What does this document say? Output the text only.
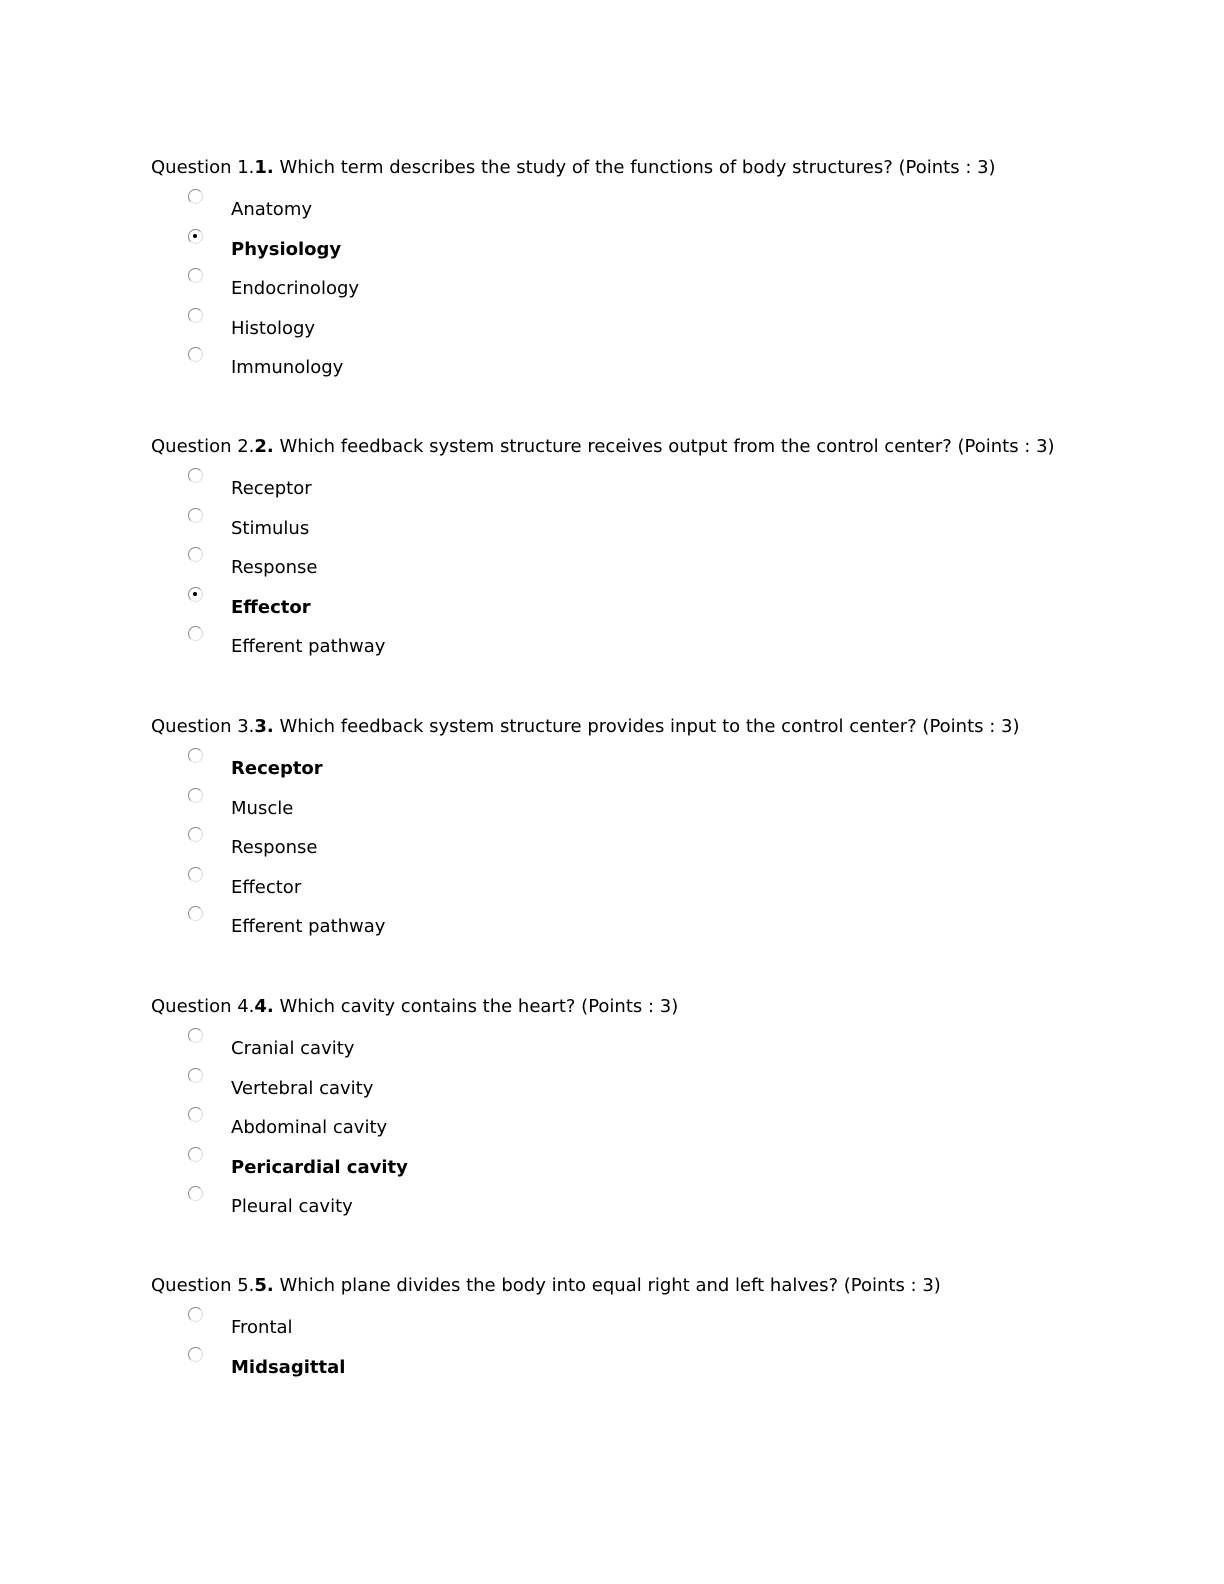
Question 1.1. Which term describes the study of the functions of body structures? (Points : 3)

Anatomy
Physiology
Endocrinology
Histology
Immunology

Question 2.2. Which feedback system structure receives output from the control center? (Points : 3)

Receptor
Stimulus
Response
Effector
Efferent pathway

Question 3.3. Which feedback system structure provides input to the control center? (Points : 3)

Receptor
Muscle
Response
Effector
Efferent pathway

Question 4.4. Which cavity contains the heart? (Points : 3)

Cranial cavity
Vertebral cavity
Abdominal cavity
Pericardial cavity
Pleural cavity

Question 5.5. Which plane divides the body into equal right and left halves? (Points : 3)

Frontal
Midsagittal
